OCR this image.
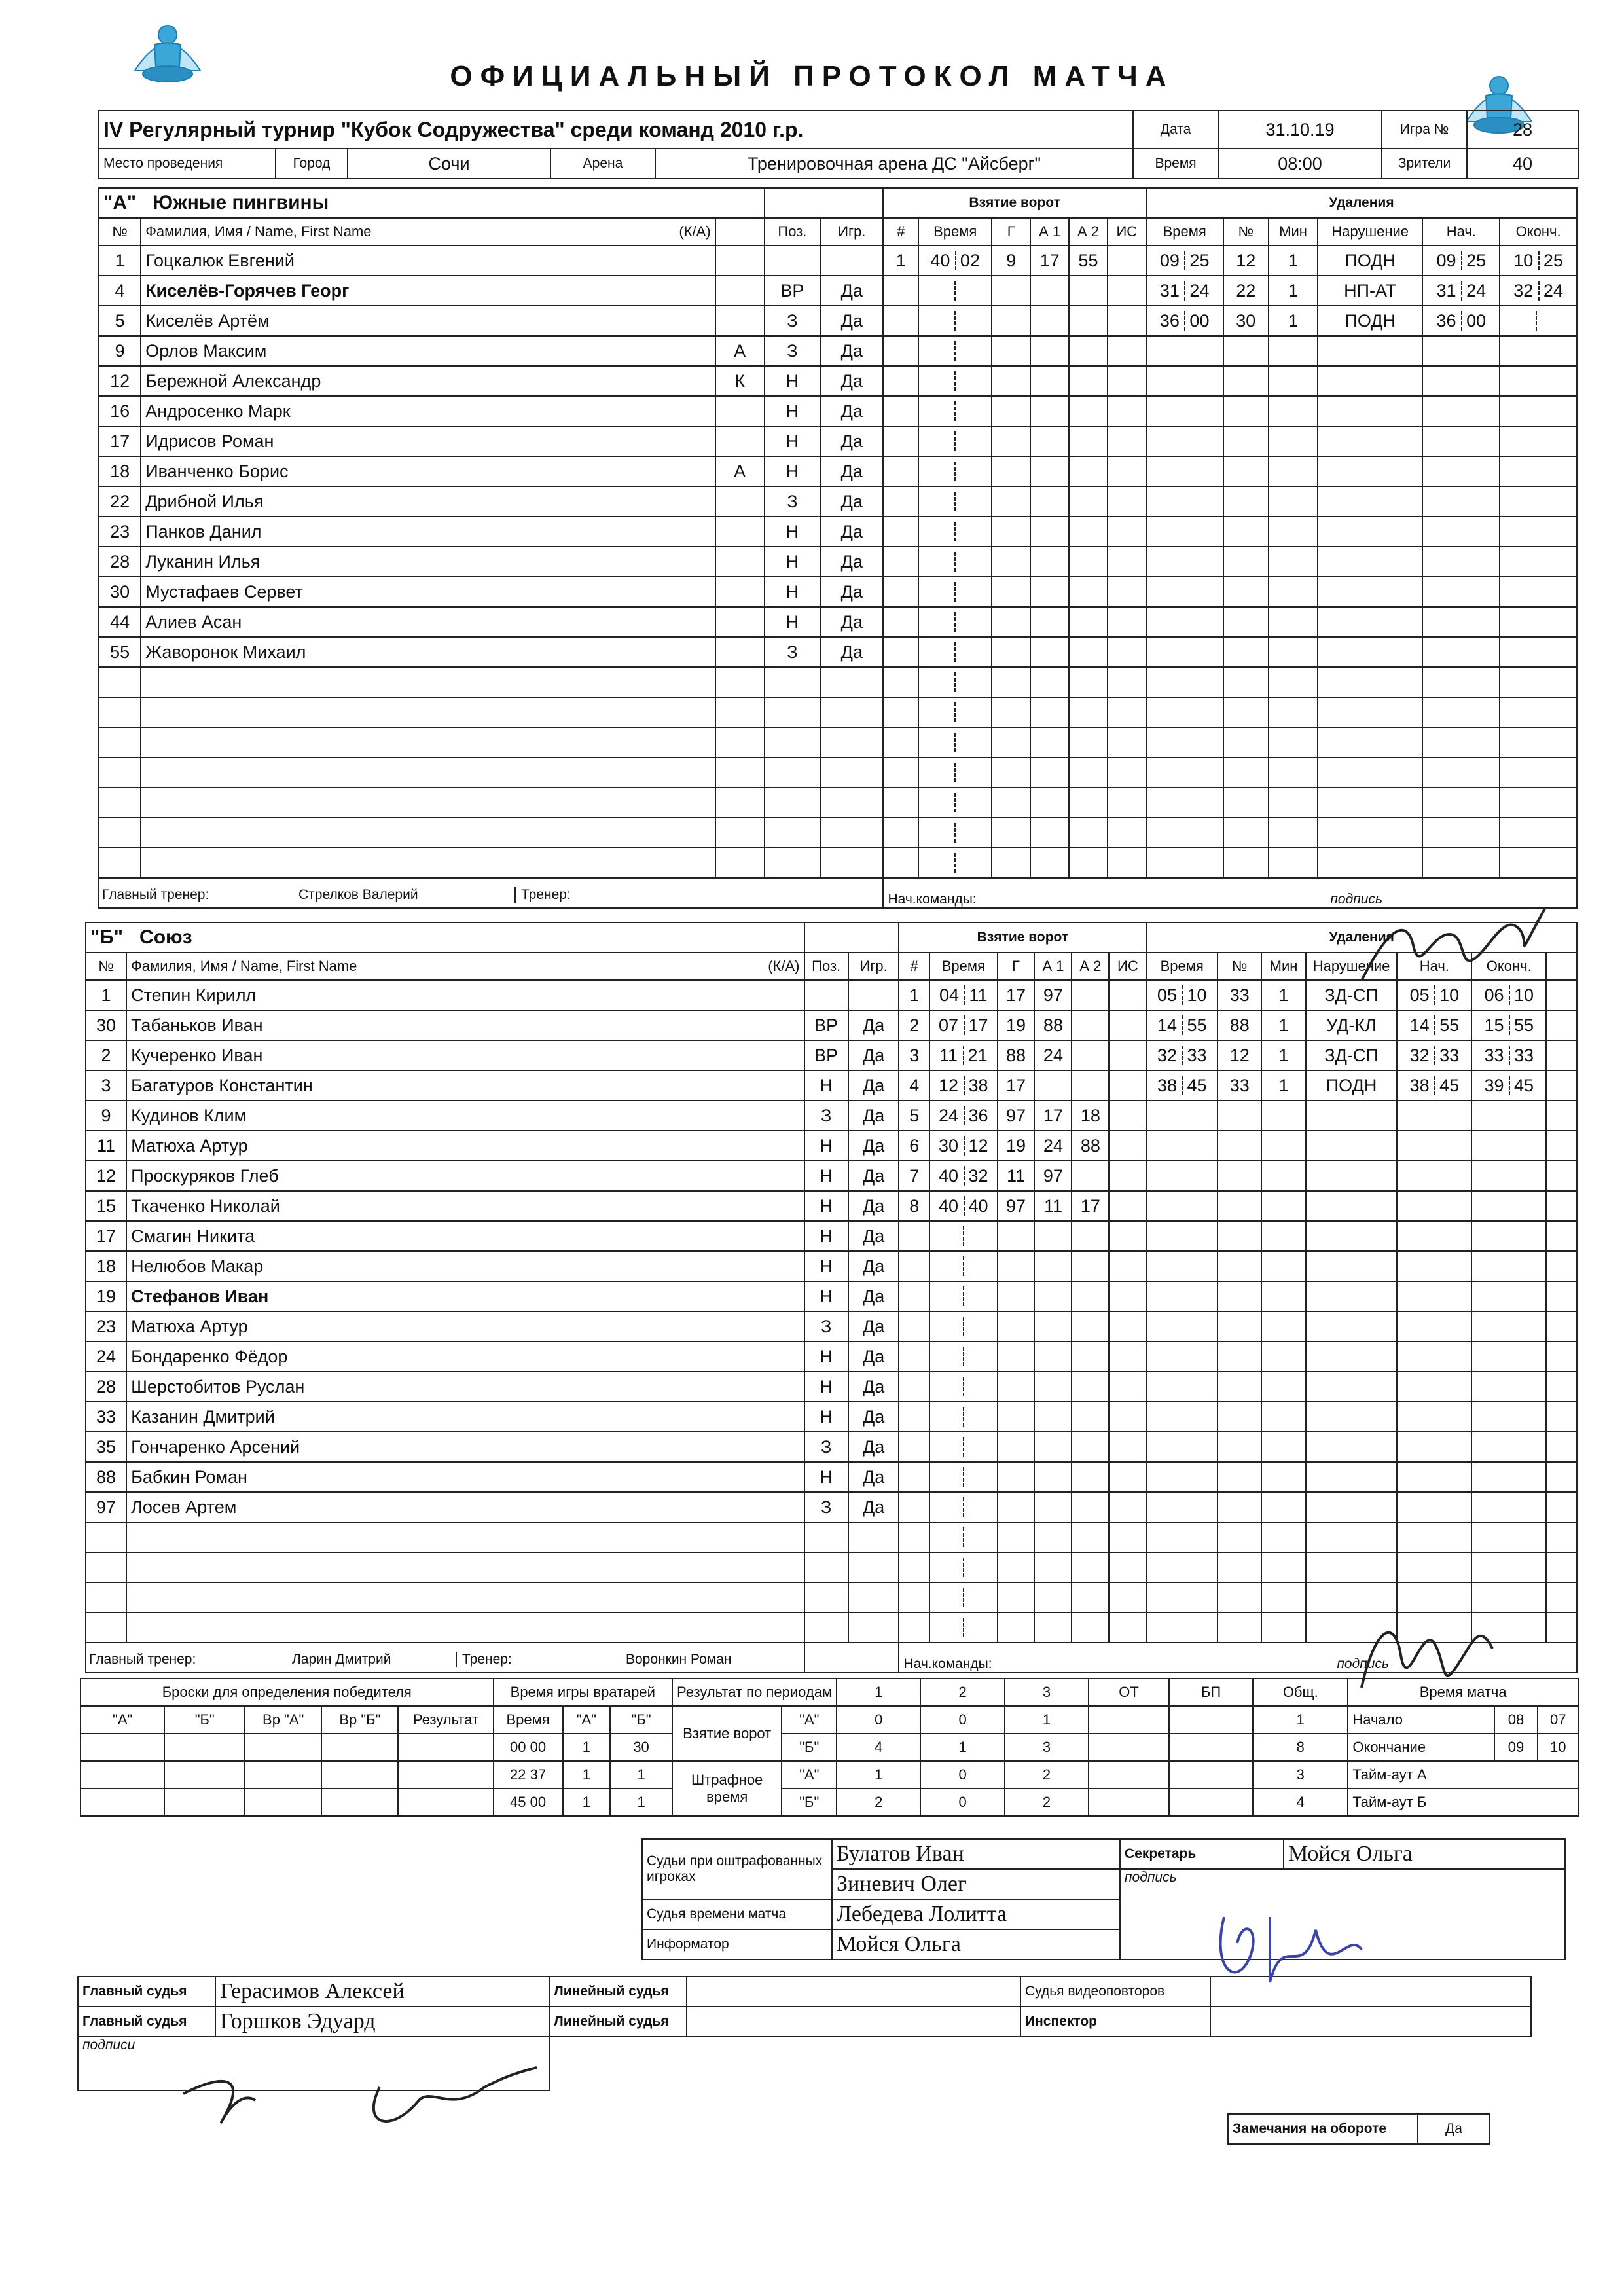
ОФИЦИАЛЬНЫЙ ПРОТОКОЛ МАТЧА
IV Регулярный турнир "Кубок Содружества" среди команд 2010 г.р.					Дата	31.10.19	Игра №	28
Место проведения	Город	Сочи	Арена	Тренировочная арена ДС "Айсберг"	Время	08:00	Зрители	40
"А" Южные пингвины					Взятие ворот						Удаления					
№	Фамилия, Имя / Name, First Name (К/А)		Поз.	Игр.	#	Время	Г	А 1	А 2	ИС	Время	№	Мин	Нарушение	Нач.	Оконч.
1	Гоцкалюк Евгений				1	40 02	9	17	55		09 25	12	1	ПОДН	09 25	10 25
4	Киселёв-Горячев Георг		ВР	Да							31 24	22	1	НП-АТ	31 24	32 24
5	Киселёв Артём		З	Да							36 00	30	1	ПОДН	36 00	
9	Орлов Максим	А	З	Да												
12	Бережной Александр	К	Н	Да												
16	Андросенко Марк		Н	Да												
17	Идрисов Роман		Н	Да												
18	Иванченко Борис	А	Н	Да												
22	Дрибной Илья		З	Да												
23	Панков Данил		Н	Да												
28	Луканин Илья		Н	Да												
30	Мустафаев Сервет		Н	Да												
44	Алиев Асан		Н	Да												
55	Жаворонок Михаил		З	Да												

Главный тренер: Стрелков Валерий Тренер:					Нач.команды: подпись											
"Б" Союз				Взятие ворот						Удаления						
№	Фамилия, Имя / Name, First Name (К/А)	Поз.	Игр.	#	Время	Г	А 1	А 2	ИС	Время	№	Мин	Нарушение	Нач.	Оконч.	
1	Степин Кирилл			1	04 11	17	97			05 10	33	1	ЗД-СП	05 10	06 10	
30	Табаньков Иван	ВР	Да	2	07 17	19	88			14 55	88	1	УД-КЛ	14 55	15 55	
2	Кучеренко Иван	ВР	Да	3	11 21	88	24			32 33	12	1	ЗД-СП	32 33	33 33	
3	Багатуров Константин	Н	Да	4	12 38	17				38 45	33	1	ПОДН	38 45	39 45	
9	Кудинов Клим	З	Да	5	24 36	97	17	18								
11	Матюха Артур	Н	Да	6	30 12	19	24	88								
12	Проскуряков Глеб	Н	Да	7	40 32	11	97									
15	Ткаченко Николай	Н	Да	8	40 40	97	11	17								
17	Смагин Никита	Н	Да													
18	Нелюбов Макар	Н	Да													
19	Стефанов Иван	Н	Да													
23	Матюха Артур	З	Да													
24	Бондаренко Фёдор	Н	Да													
28	Шерстобитов Руслан	Н	Да													
33	Казанин Дмитрий	Н	Да													
35	Гончаренко Арсений	З	Да													
88	Бабкин Роман	Н	Да													
97	Лосев Артем	З	Да													

Главный тренер: Ларин Дмитрий Тренер: Воронкин Роман				Нач.команды: подпись												
Броски для определения победителя					Время игры вратарей			Результат по периодам		1	2	3	ОТ	БП	Общ.	Время матча		
"А"	"Б"	Вр "А"	Вр "Б"	Результат	Время	"А"	"Б"	Взятие ворот	"А"	0	0	1			1	Начало	08	07
					00 00	1	30		"Б"	4	1	3			8	Окончание	09	10
					22 37	1	1	Штрафное время	"А"	1	0	2			3	Тайм-аут А		
					45 00	1	1		"Б"	2	0	2			4	Тайм-аут Б		
Судьи при оштрафованных игроках	Булатов Иван	Секретарь	Мойся Ольга
	Зиневич Олег	подпись	
Судья времени матча	Лебедева Лолитта		
Информатор	Мойся Ольга		
Главный судья	Герасимов Алексей	Линейный судья		Судья видеоповторов	
Главный судья	Горшков Эдуард	Линейный судья		Инспектор	
подписи					
Замечания на обороте	Да
